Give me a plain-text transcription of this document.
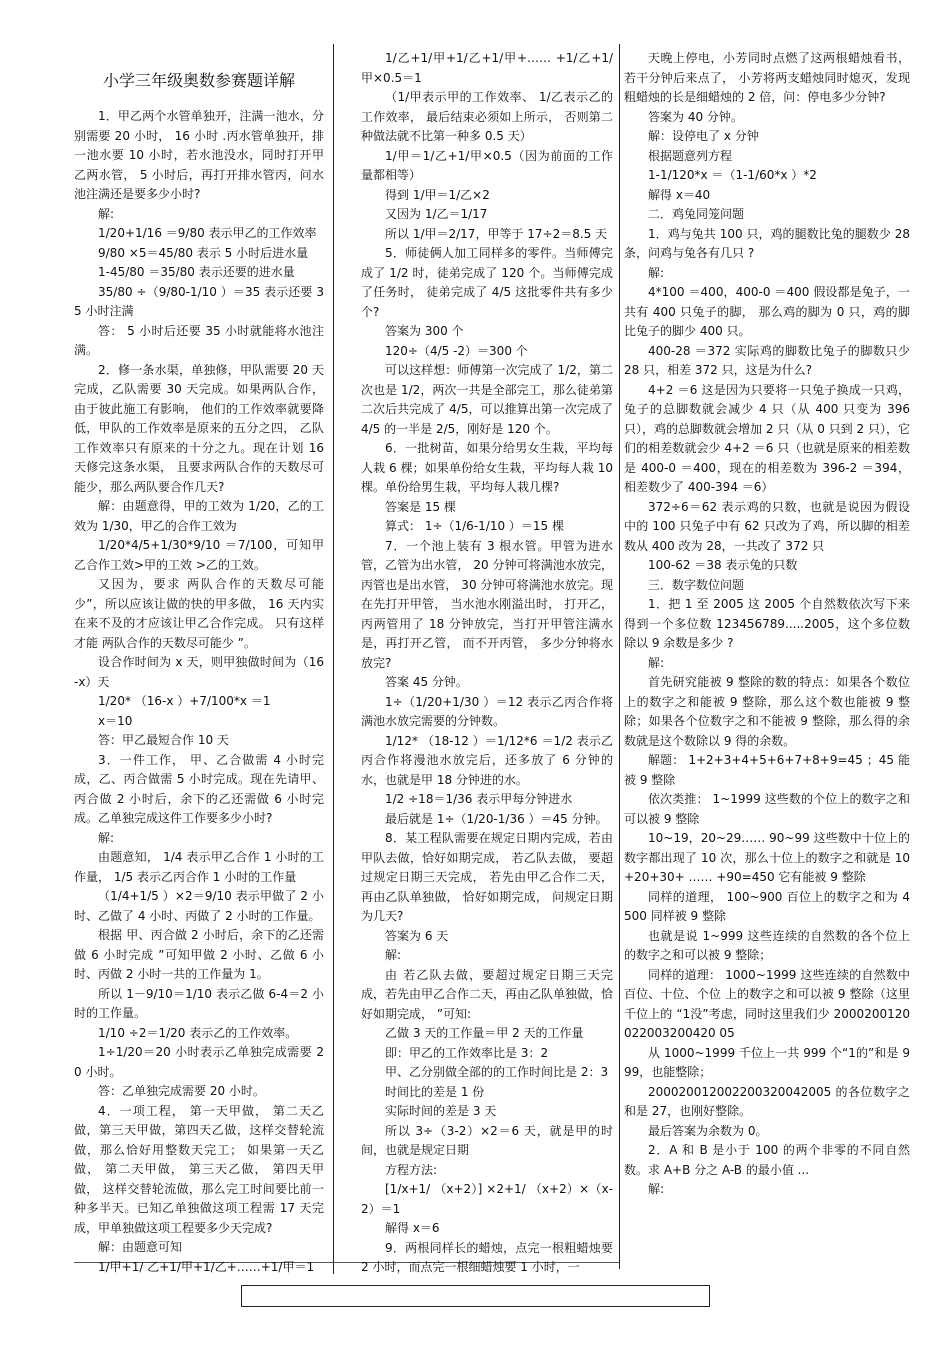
小学三年级奥数参赛题详解

1．甲乙两个水管单独开，注满一池水，分别需要 20 小时， 16 小时 .丙水管单独开，排一池水要 10 小时，若水池没水，同时打开甲乙两水管， 5 小时后，再打开排水管丙，问水池注满还是要多少小时?

解:

1/20+1/16 ＝9/80 表示甲乙的工作效率

9/80 ×5＝45/80 表示 5 小时后进水量

1-45/80 ＝35/80 表示还要的进水量

35/80 ÷（9/80-1/10 ）＝35 表示还要 35 小时注满

答： 5 小时后还要 35 小时就能将水池注满。

2．修一条水渠，单独修，甲队需要 20 天完成，乙队需要 30 天完成。如果两队合作，由于彼此施工有影响， 他们的工作效率就要降低，甲队的工作效率是原来的五分之四， 乙队工作效率只有原来的十分之九。现在计划 16 天修完这条水渠， 且要求两队合作的天数尽可能少，那么两队要合作几天?

解：由题意得，甲的工效为 1/20，乙的工效为 1/30，甲乙的合作工效为

1/20*4/5+1/30*9/10 ＝7/100，可知甲乙合作工效>甲的工效 >乙的工效。

又因为，要求 两队合作的天数尽可能少”，所以应该让做的快的甲多做， 16 天内实在来不及的才应该让甲乙合作完成。 只有这样才能 两队合作的天数尽可能少 ”。

设合作时间为 x 天，则甲独做时间为（16-x）天

1/20* （16-x ）+7/100*x ＝1

x＝10

答：甲乙最短合作 10 天

3．一件工作， 甲、乙合做需 4 小时完成，乙、丙合做需 5 小时完成。现在先请甲、丙合做 2 小时后，余下的乙还需做 6 小时完成。乙单独完成这件工作要多少小时?

解:

由题意知， 1/4 表示甲乙合作 1 小时的工作量， 1/5 表示乙丙合作 1 小时的工作量

（1/4+1/5 ）×2＝9/10 表示甲做了 2 小时、乙做了 4 小时、丙做了 2 小时的工作量。

根据 甲、丙合做 2 小时后，余下的乙还需做 6 小时完成 ”可知甲做 2 小时、乙做 6 小时、丙做 2 小时一共的工作量为 1。

所以 1－9/10＝1/10 表示乙做 6-4＝2 小时的工作量。

1/10 ÷2＝1/20 表示乙的工作效率。

1÷1/20＝20 小时表示乙单独完成需要 20 小时。

答：乙单独完成需要 20 小时。

4．一项工程， 第一天甲做， 第二天乙做，第三天甲做，第四天乙做，这样交替轮流做，那么恰好用整数天完工； 如果第一天乙做， 第二天甲做， 第三天乙做， 第四天甲做， 这样交替轮流做，那么完工时间要比前一种多半天。已知乙单独做这项工程需 17 天完成，甲单独做这项工程要多少天完成?

解：由题意可知

1/甲+1/ 乙+1/甲+1/乙+……+1/甲＝1

1/乙+1/甲+1/乙+1/甲+…… +1/乙+1/甲×0.5＝1

（1/甲表示甲的工作效率、 1/乙表示乙的工作效率， 最后结束必须如上所示， 否则第二种做法就不比第一种多 0.5 天）

1/甲＝1/乙+1/甲×0.5（因为前面的工作量都相等）

得到 1/甲＝1/乙×2

又因为 1/乙＝1/17

所以 1/甲＝2/17，甲等于 17÷2＝8.5 天

5．师徒俩人加工同样多的零件。当师傅完成了 1/2 时，徒弟完成了 120 个。当师傅完成了任务时， 徒弟完成了 4/5 这批零件共有多少个?

答案为 300 个

120÷（4/5 -2）＝300 个

可以这样想：师傅第一次完成了 1/2，第二次也是 1/2，两次一共是全部完工，那么徒弟第二次后共完成了 4/5，可以推算出第一次完成了 4/5 的一半是 2/5，刚好是 120 个。

6．一批树苗，如果分给男女生栽，平均每人栽 6 棵；如果单份给女生栽，平均每人栽 10 棵。单份给男生栽，平均每人栽几棵?

答案是 15 棵

算式： 1÷（1/6-1/10 ）＝15 棵

7．一个池上装有 3 根水管。甲管为进水管，乙管为出水管， 20 分钟可将满池水放完，丙管也是出水管， 30 分钟可将满池水放完。现在先打开甲管， 当水池水刚溢出时， 打开乙，丙两管用了 18 分钟放完，当打开甲管注满水是，再打开乙管， 而不开丙管， 多少分钟将水放完?

答案 45 分钟。

1÷（1/20+1/30 ）＝12 表示乙丙合作将满池水放完需要的分钟数。

1/12* （18-12 ）＝1/12*6 ＝1/2 表示乙丙合作将漫池水放完后，还多放了 6 分钟的水，也就是甲 18 分钟进的水。

1/2 ÷18＝1/36 表示甲每分钟进水

最后就是 1÷（1/20-1/36 ）＝45 分钟。

8．某工程队需要在规定日期内完成，若由甲队去做，恰好如期完成， 若乙队去做， 要超过规定日期三天完成， 若先由甲乙合作二天，再由乙队单独做， 恰好如期完成， 问规定日期为几天?

答案为 6 天

解:

由 若乙队去做，要超过规定日期三天完成，若先由甲乙合作二天，再由乙队单独做，恰好如期完成， ”可知:

乙做 3 天的工作量＝甲 2 天的工作量

即：甲乙的工作效率比是 3：2

甲、乙分别做全部的的工作时间比是 2：3

时间比的差是 1 份

实际时间的差是 3 天

所以 3÷（3-2）×2＝6 天，就是甲的时间，也就是规定日期

方程方法:

[1/x+1/ （x+2）] ×2+1/ （x+2）×（x-2）＝1

解得 x＝6

9．两根同样长的蜡烛，点完一根粗蜡烛要 2 小时，而点完一根细蜡烛要 1 小时，一

天晚上停电，小芳同时点燃了这两根蜡烛看书，若干分钟后来点了， 小芳将两支蜡烛同时熄灭，发现粗蜡烛的长是细蜡烛的 2 倍，问：停电多少分钟?

答案为 40 分钟。

解：设停电了 x 分钟

根据题意列方程

1-1/120*x ＝（1-1/60*x ）*2

解得 x＝40

二．鸡兔同笼问题

1．鸡与兔共 100 只，鸡的腿数比兔的腿数少 28 条，问鸡与兔各有几只 ?

解:

4*100 ＝400，400-0 ＝400 假设都是兔子，一共有 400 只兔子的脚， 那么鸡的脚为 0 只，鸡的脚比兔子的脚少 400 只。

400-28 ＝372 实际鸡的脚数比兔子的脚数只少 28 只，相差 372 只，这是为什么?

4+2 ＝6 这是因为只要将一只兔子换成一只鸡， 兔子的总脚数就会减少 4 只（从 400 只变为 396 只），鸡的总脚数就会增加 2 只（从 0 只到 2 只），它们的相差数就会少 4+2 ＝6 只（也就是原来的相差数是 400-0 ＝400，现在的相差数为 396-2 ＝394，相差数少了 400-394 ＝6）

372÷6＝62 表示鸡的只数，也就是说因为假设中的 100 只兔子中有 62 只改为了鸡，所以脚的相差数从 400 改为 28，一共改了 372 只

100-62 ＝38 表示兔的只数

三．数字数位问题

1．把 1 至 2005 这 2005 个自然数依次写下来得到一个多位数 123456789.....2005，这个多位数除以 9 余数是多少 ?

解:

首先研究能被 9 整除的数的特点：如果各个数位上的数字之和能被 9 整除，那么这个数也能被 9 整除；如果各个位数字之和不能被 9 整除，那么得的余数就是这个数除以 9 得的余数。

解题： 1+2+3+4+5+6+7+8+9=45 ；45 能被 9 整除

依次类推： 1~1999 这些数的个位上的数字之和可以被 9 整除

10~19，20~29…… 90~99 这些数中十位上的数字都出现了 10 次，那么十位上的数字之和就是 10+20+30+ …… +90=450 它有能被 9 整除

同样的道理， 100~900 百位上的数字之和为 4500 同样被 9 整除

也就是说 1~999 这些连续的自然数的各个位上的数字之和可以被 9 整除；

同样的道理： 1000~1999 这些连续的自然数中百位、十位、个位 上的数字之和可以被 9 整除（这里千位上的 “1没”考虑，同时这里我们少 2000200120022003200420 05

从 1000~1999 千位上一共 999 个“1的”和是 999，也能整除；

200020012002200320042005 的各位数字之和是 27，也刚好整除。

最后答案为余数为 0。

2．A 和 B 是小于 100 的两个非零的不同自然数。求 A+B 分之 A-B 的最小值 ...

解:
